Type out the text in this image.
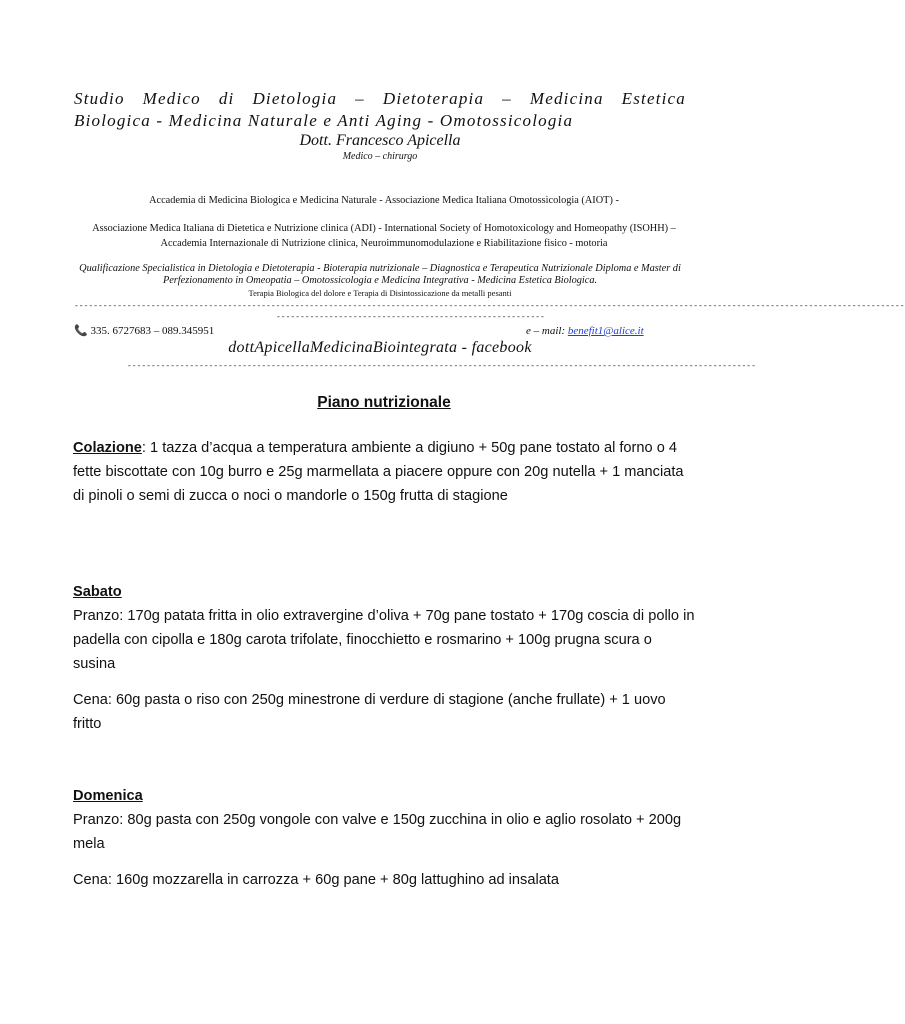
Studio Medico di Dietologia – Dietoterapia – Medicina Estetica
Biologica - Medicina Naturale e Anti Aging - Omotossicologia
Dott. Francesco Apicella
Medico – chirurgo
Accademia di Medicina Biologica e Medicina Naturale - Associazione Medica Italiana Omotossicologia (AIOT) -
Associazione Medica Italiana di Dietetica e Nutrizione clinica (ADI) - International Society of Homotoxicology and Homeopathy (ISOHH) – Accademia Internazionale di Nutrizione clinica, Neuroimmunomodulazione e Riabilitazione fisico - motoria
Qualificazione Specialistica in Dietologia e Dietoterapia - Bioterapia nutrizionale – Diagnostica e Terapeutica Nutrizionale Diploma e Master di Perfezionamento in Omeopatia – Omotossicologia e Medicina Integrativa - Medicina Estetica Biologica.
Terapia Biologica del dolore e Terapia di Disintossicazione da metalli pesanti
-----------------------------------------------------------------------------------------------------------------------------------------------------------------------------
--------------------------------------------------------
📞 335. 6727683 – 089.345951	e – mail: benefit1@alice.it
dottApicellaMedicinaBiointegrata - facebook
-----------------------------------------------------------------------------------------------------------------------------------
Piano nutrizionale
Colazione: 1 tazza d’acqua a temperatura ambiente a digiuno + 50g pane tostato al forno o 4 fette biscottate con 10g burro e 25g marmellata a piacere oppure con 20g nutella + 1 manciata di pinoli o semi di zucca o noci o mandorle o 150g frutta di stagione
Sabato
Pranzo: 170g patata fritta in olio extravergine d’oliva + 70g pane tostato + 170g coscia di pollo in padella con cipolla e 180g carota trifolate, finocchietto e rosmarino + 100g prugna scura o susina
Cena: 60g pasta o riso con 250g minestrone di verdure di stagione (anche frullate) + 1 uovo fritto
Domenica
Pranzo: 80g pasta con 250g vongole con valve e 150g zucchina in olio e aglio rosolato + 200g mela
Cena: 160g mozzarella in carrozza + 60g pane + 80g lattughino ad insalata
